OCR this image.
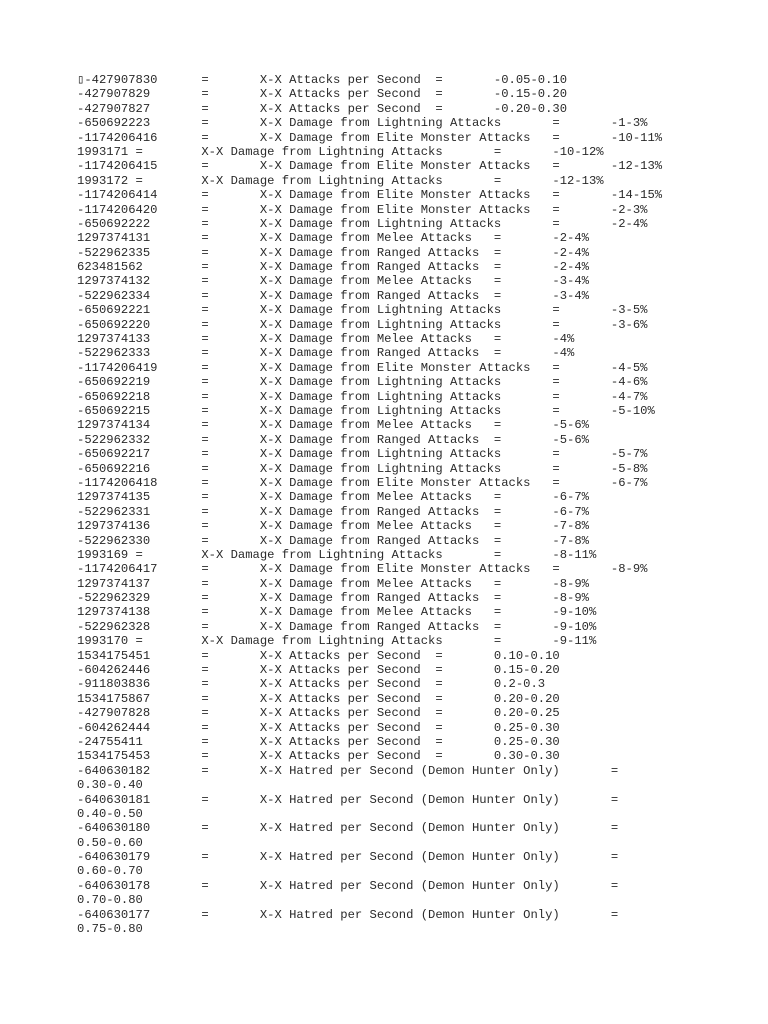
▯-427907830      =       X-X Attacks per Second  =       -0.05-0.10
-427907829       =       X-X Attacks per Second  =       -0.15-0.20
-427907827       =       X-X Attacks per Second  =       -0.20-0.30
-650692223       =       X-X Damage from Lightning Attacks       =       -1-3%
-1174206416      =       X-X Damage from Elite Monster Attacks   =       -10-11%
1993171 =        X-X Damage from Lightning Attacks       =       -10-12%
-1174206415      =       X-X Damage from Elite Monster Attacks   =       -12-13%
1993172 =        X-X Damage from Lightning Attacks       =       -12-13%
-1174206414      =       X-X Damage from Elite Monster Attacks   =       -14-15%
-1174206420      =       X-X Damage from Elite Monster Attacks   =       -2-3%
-650692222       =       X-X Damage from Lightning Attacks       =       -2-4%
1297374131       =       X-X Damage from Melee Attacks   =       -2-4%
-522962335       =       X-X Damage from Ranged Attacks  =       -2-4%
623481562        =       X-X Damage from Ranged Attacks  =       -2-4%
1297374132       =       X-X Damage from Melee Attacks   =       -3-4%
-522962334       =       X-X Damage from Ranged Attacks  =       -3-4%
-650692221       =       X-X Damage from Lightning Attacks       =       -3-5%
-650692220       =       X-X Damage from Lightning Attacks       =       -3-6%
1297374133       =       X-X Damage from Melee Attacks   =       -4%
-522962333       =       X-X Damage from Ranged Attacks  =       -4%
-1174206419      =       X-X Damage from Elite Monster Attacks   =       -4-5%
-650692219       =       X-X Damage from Lightning Attacks       =       -4-6%
-650692218       =       X-X Damage from Lightning Attacks       =       -4-7%
-650692215       =       X-X Damage from Lightning Attacks       =       -5-10%
1297374134       =       X-X Damage from Melee Attacks   =       -5-6%
-522962332       =       X-X Damage from Ranged Attacks  =       -5-6%
-650692217       =       X-X Damage from Lightning Attacks       =       -5-7%
-650692216       =       X-X Damage from Lightning Attacks       =       -5-8%
-1174206418      =       X-X Damage from Elite Monster Attacks   =       -6-7%
1297374135       =       X-X Damage from Melee Attacks   =       -6-7%
-522962331       =       X-X Damage from Ranged Attacks  =       -6-7%
1297374136       =       X-X Damage from Melee Attacks   =       -7-8%
-522962330       =       X-X Damage from Ranged Attacks  =       -7-8%
1993169 =        X-X Damage from Lightning Attacks       =       -8-11%
-1174206417      =       X-X Damage from Elite Monster Attacks   =       -8-9%
1297374137       =       X-X Damage from Melee Attacks   =       -8-9%
-522962329       =       X-X Damage from Ranged Attacks  =       -8-9%
1297374138       =       X-X Damage from Melee Attacks   =       -9-10%
-522962328       =       X-X Damage from Ranged Attacks  =       -9-10%
1993170 =        X-X Damage from Lightning Attacks       =       -9-11%
1534175451       =       X-X Attacks per Second  =       0.10-0.10
-604262446       =       X-X Attacks per Second  =       0.15-0.20
-911803836       =       X-X Attacks per Second  =       0.2-0.3
1534175867       =       X-X Attacks per Second  =       0.20-0.20
-427907828       =       X-X Attacks per Second  =       0.20-0.25
-604262444       =       X-X Attacks per Second  =       0.25-0.30
-24755411        =       X-X Attacks per Second  =       0.25-0.30
1534175453       =       X-X Attacks per Second  =       0.30-0.30
-640630182       =       X-X Hatred per Second (Demon Hunter Only)       =
0.30-0.40
-640630181       =       X-X Hatred per Second (Demon Hunter Only)       =
0.40-0.50
-640630180       =       X-X Hatred per Second (Demon Hunter Only)       =
0.50-0.60
-640630179       =       X-X Hatred per Second (Demon Hunter Only)       =
0.60-0.70
-640630178       =       X-X Hatred per Second (Demon Hunter Only)       =
0.70-0.80
-640630177       =       X-X Hatred per Second (Demon Hunter Only)       =
0.75-0.80
